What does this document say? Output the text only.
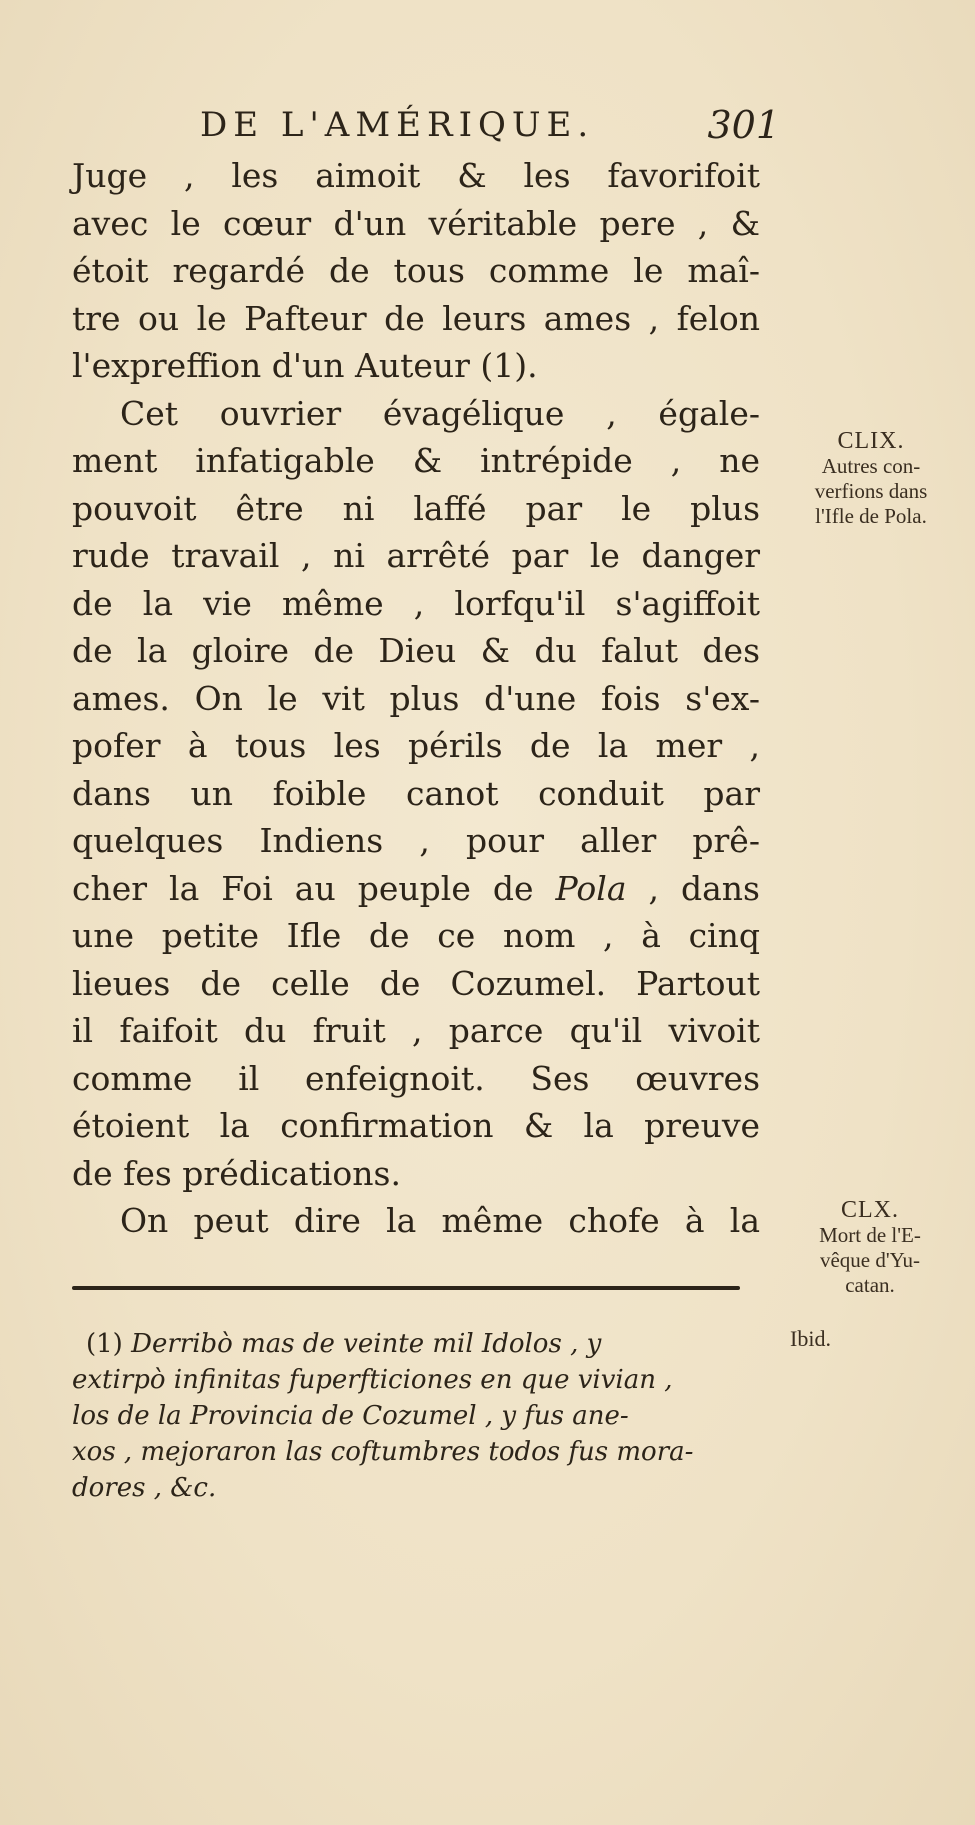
DE L'AMÉRIQUE.	301
Juge , les aimoit & les favorifoit
avec le cœur d'un véritable pere , &
étoit regardé de tous comme le maî-
tre ou le Pafteur de leurs ames , felon
l'expreffion d'un Auteur (1).
Cet ouvrier évagélique , égale-
ment infatigable & intrépide , ne
pouvoit être ni laffé par le plus
rude travail , ni arrêté par le danger
de la vie même , lorfqu'il s'agiffoit
de la gloire de Dieu & du falut des
ames. On le vit plus d'une fois s'ex-
pofer à tous les périls de la mer ,
dans un foible canot conduit par
quelques Indiens , pour aller prê-
cher la Foi au peuple de Pola , dans
une petite Ifle de ce nom , à cinq
lieues de celle de Cozumel. Partout
il faifoit du fruit , parce qu'il vivoit
comme il enfeignoit. Ses œuvres
étoient la confirmation & la preuve
de fes prédications.
On peut dire la même chofe à la
CLIX.
Autres con-
verfions dans
l'Ifle de Pola.
CLX.
Mort de l'E-
vêque d'Yu-
catan.
Ibid.
(1) Derribò mas de veinte mil Idolos , y
extirpò infinitas fuperfticiones en que vivian ,
los de la Provincia de Cozumel , y fus ane-
xos , mejoraron las coftumbres todos fus mora-
dores , &c.
